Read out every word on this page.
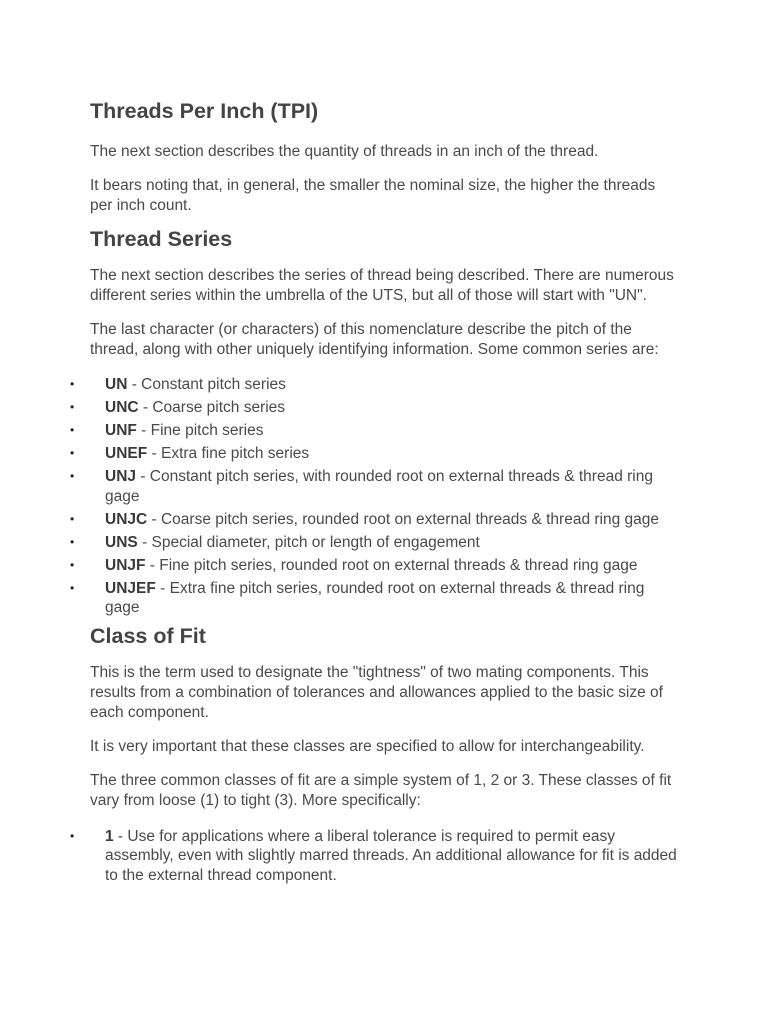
Threads Per Inch (TPI)

The next section describes the quantity of threads in an inch of the thread.

It bears noting that, in general, the smaller the nominal size, the higher the threads per inch count.

Thread Series

The next section describes the series of thread being described. There are numerous different series within the umbrella of the UTS, but all of those will start with "UN".

The last character (or characters) of this nomenclature describe the pitch of the thread, along with other uniquely identifying information. Some common series are:

•	UN - Constant pitch series
•	UNC - Coarse pitch series
•	UNF - Fine pitch series
•	UNEF - Extra fine pitch series
•	UNJ - Constant pitch series, with rounded root on external threads & thread ring gage
•	UNJC - Coarse pitch series, rounded root on external threads & thread ring gage
•	UNS - Special diameter, pitch or length of engagement
•	UNJF - Fine pitch series, rounded root on external threads & thread ring gage
•	UNJEF - Extra fine pitch series, rounded root on external threads & thread ring gage
Class of Fit

This is the term used to designate the "tightness" of two mating components. This results from a combination of tolerances and allowances applied to the basic size of each component.

It is very important that these classes are specified to allow for interchangeability.

The three common classes of fit are a simple system of 1, 2 or 3. These classes of fit vary from loose (1) to tight (3). More specifically:

•	1 - Use for applications where a liberal tolerance is required to permit easy assembly, even with slightly marred threads. An additional allowance for fit is added to the external thread component.
